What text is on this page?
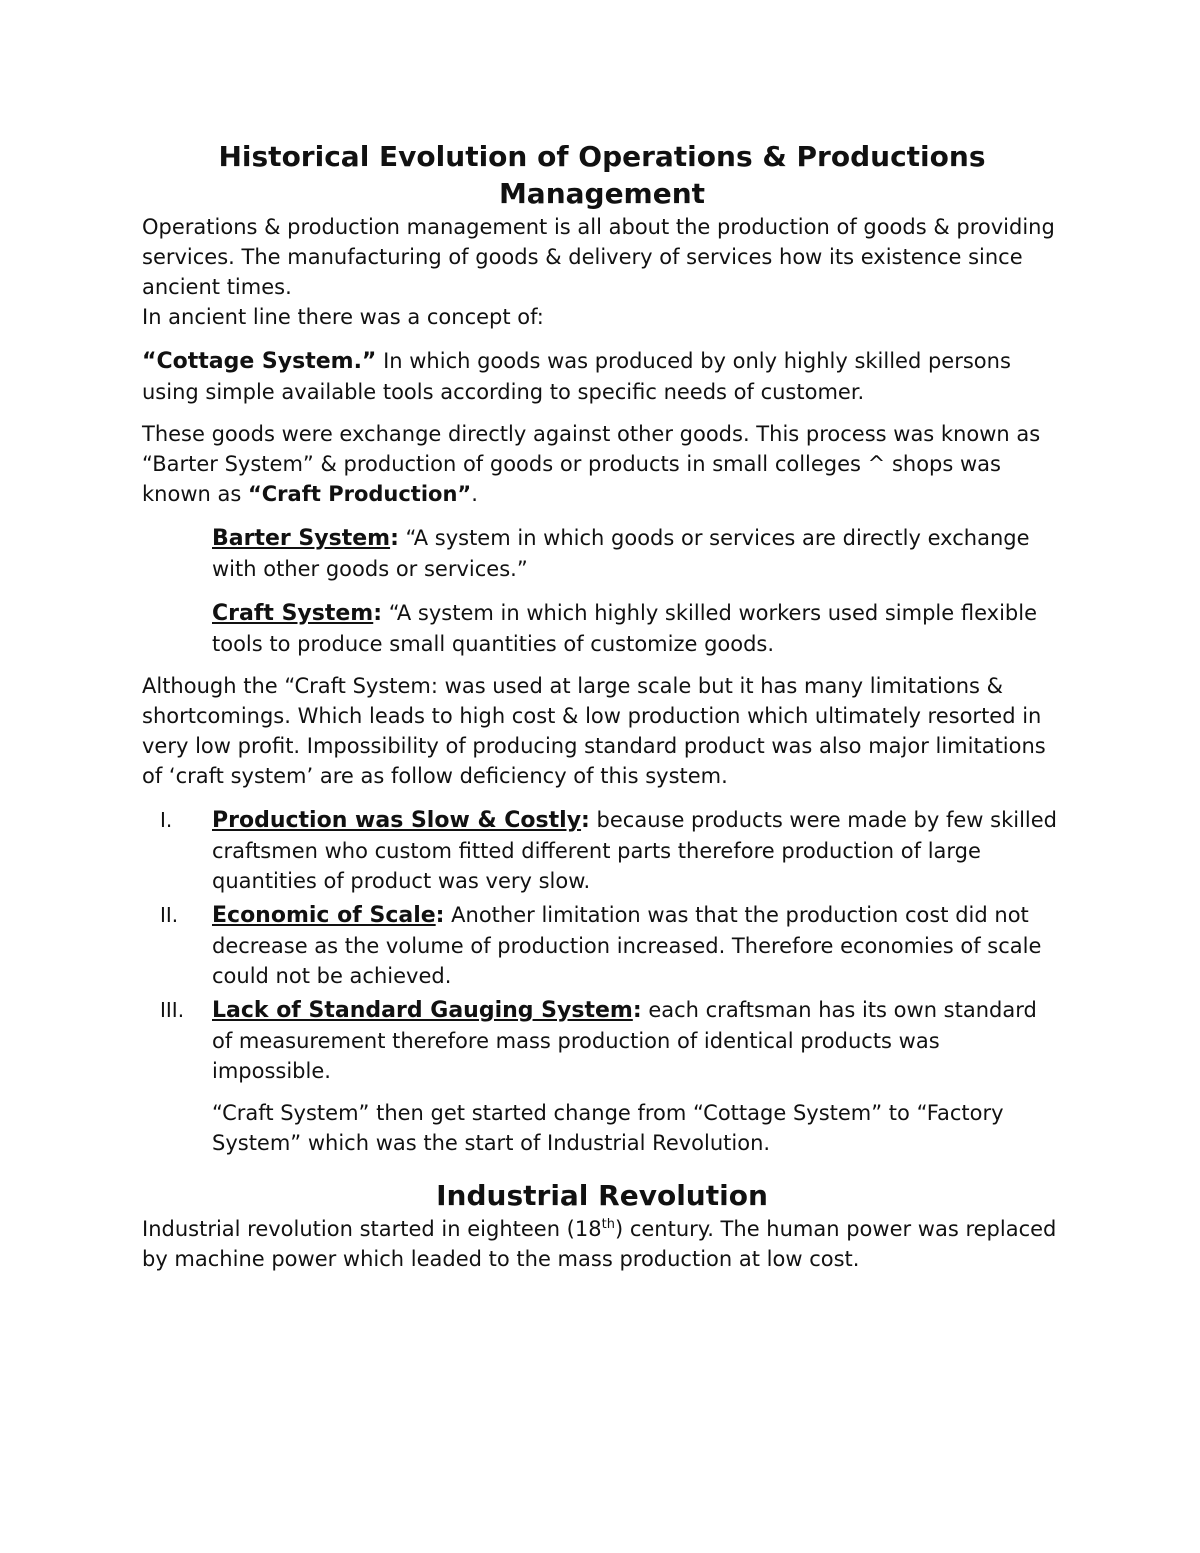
Historical Evolution of Operations & Productions Management

Operations & production management is all about the production of goods & providing services. The manufacturing of goods & delivery of services how its existence since ancient times.

In ancient line there was a concept of:

“Cottage System.” In which goods was produced by only highly skilled persons using simple available tools according to specific needs of customer.

These goods were exchange directly against other goods. This process was known as “Barter System” & production of goods or products in small colleges ^ shops was known as “Craft Production”.

Barter System: “A system in which goods or services are directly exchange with other goods or services.”

Craft System: “A system in which highly skilled workers used simple flexible tools to produce small quantities of customize goods.

Although the “Craft System: was used at large scale but it has many limitations & shortcomings. Which leads to high cost & low production which ultimately resorted in very low profit. Impossibility of producing standard product was also major limitations of ‘craft system’ are as follow deficiency of this system.

I. Production was Slow & Costly: because products were made by few skilled craftsmen who custom fitted different parts therefore production of large quantities of product was very slow.
II. Economic of Scale: Another limitation was that the production cost did not decrease as the volume of production increased. Therefore economies of scale could not be achieved.
III. Lack of Standard Gauging System: each craftsman has its own standard of measurement therefore mass production of identical products was impossible.

“Craft System” then get started change from “Cottage System” to “Factory System” which was the start of Industrial Revolution.

Industrial Revolution

Industrial revolution started in eighteen (18th) century. The human power was replaced by machine power which leaded to the mass production at low cost.
